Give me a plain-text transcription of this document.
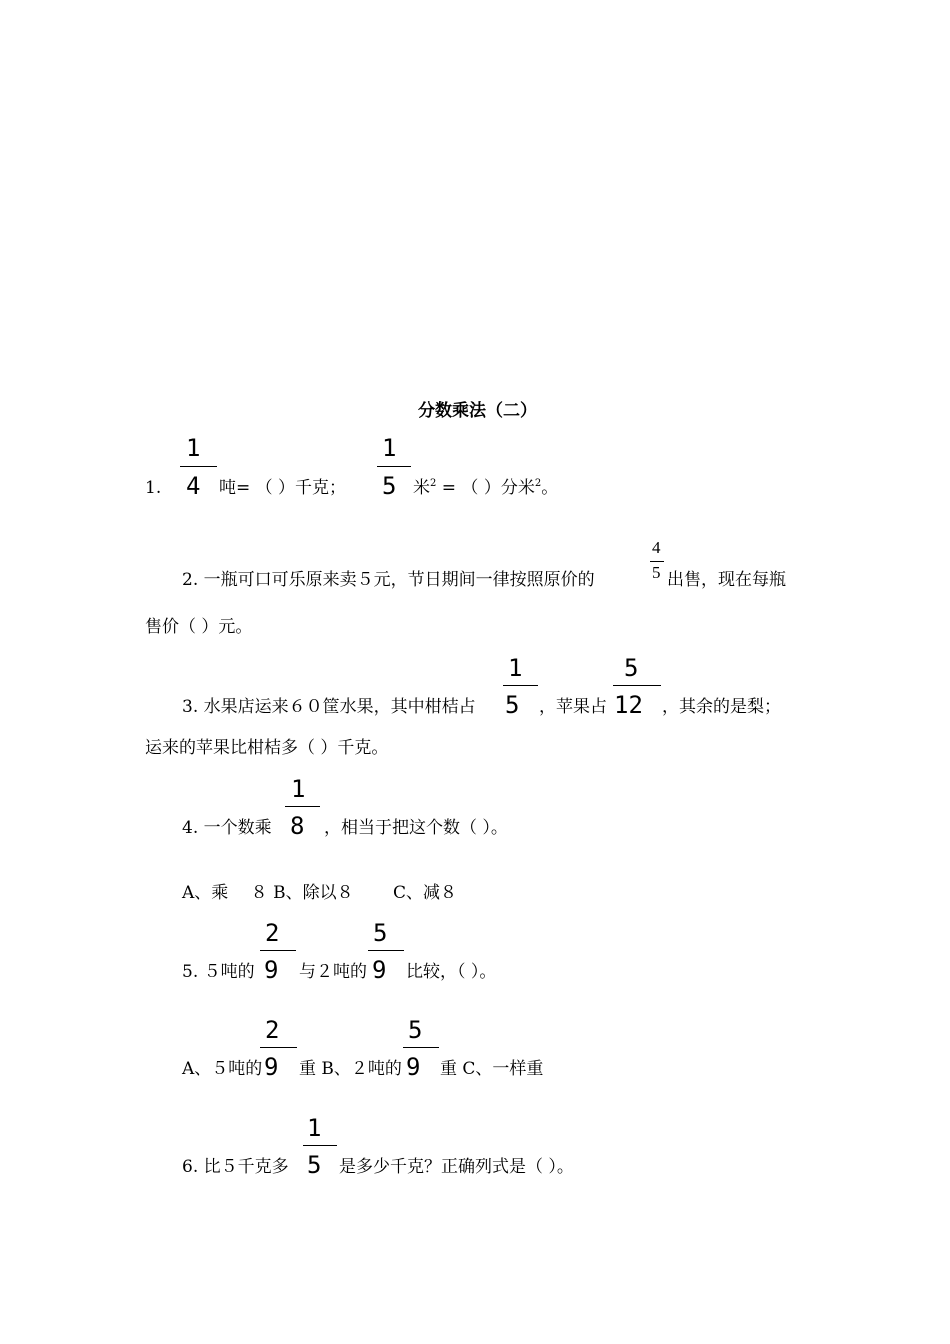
分数乘法（二）
1.
1
4 吨= （ ）千克；
1
5 米$^2$ = （ ）分米$^2$。
2. 一瓶可口可乐原来卖５元，节日期间一律按照原价的
4
5 出售，现在每瓶
售价（ ）元。
3. 水果店运来６０筐水果，其中柑桔占
1
5 ，苹果占
5
12 ，其余的是梨；
运来的苹果比柑桔多（ ）千克。
4. 一个数乘
1
8 ，相当于把这个数（ ）。
A、乘　 ８ B、除以８　　 C、减８
5. ５吨的
2
9 与２吨的
5
9 比较，（ ）。
A、５吨的
2
9 重 B、２吨的
5
9 重 C、一样重
6. 比５千克多
1
5 是多少千克？正确列式是（ ）。
